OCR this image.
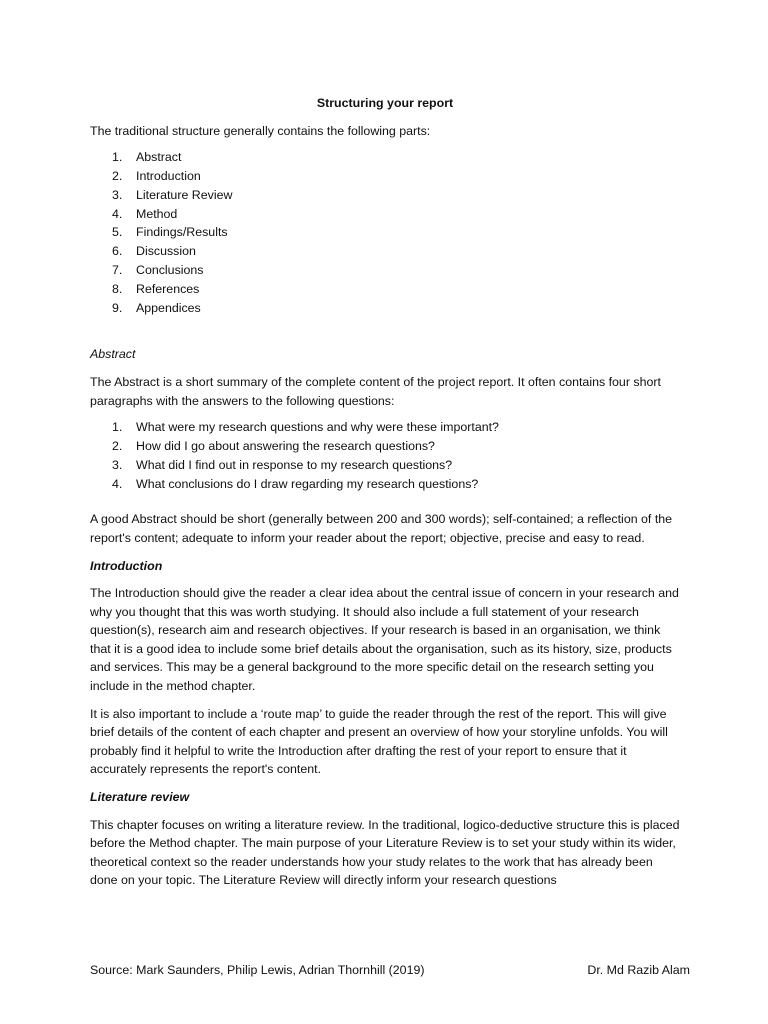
Structuring your report

The traditional structure generally contains the following parts:

1. Abstract
2. Introduction
3. Literature Review
4. Method
5. Findings/Results
6. Discussion
7. Conclusions
8. References
9. Appendices

Abstract

The Abstract is a short summary of the complete content of the project report. It often contains four short paragraphs with the answers to the following questions:

1. What were my research questions and why were these important?
2. How did I go about answering the research questions?
3. What did I find out in response to my research questions?
4. What conclusions do I draw regarding my research questions?

A good Abstract should be short (generally between 200 and 300 words); self-contained; a reflection of the report's content; adequate to inform your reader about the report; objective, precise and easy to read.

Introduction

The Introduction should give the reader a clear idea about the central issue of concern in your research and why you thought that this was worth studying. It should also include a full statement of your research question(s), research aim and research objectives. If your research is based in an organisation, we think that it is a good idea to include some brief details about the organisation, such as its history, size, products and services. This may be a general background to the more specific detail on the research setting you include in the method chapter.

It is also important to include a ‘route map’ to guide the reader through the rest of the report. This will give brief details of the content of each chapter and present an overview of how your storyline unfolds. You will probably find it helpful to write the Introduction after drafting the rest of your report to ensure that it accurately represents the report's content.

Literature review

This chapter focuses on writing a literature review. In the traditional, logico-deductive structure this is placed before the Method chapter. The main purpose of your Literature Review is to set your study within its wider, theoretical context so the reader understands how your study relates to the work that has already been done on your topic. The Literature Review will directly inform your research questions

Source: Mark Saunders, Philip Lewis, Adrian Thornhill (2019)	Dr. Md Razib Alam
